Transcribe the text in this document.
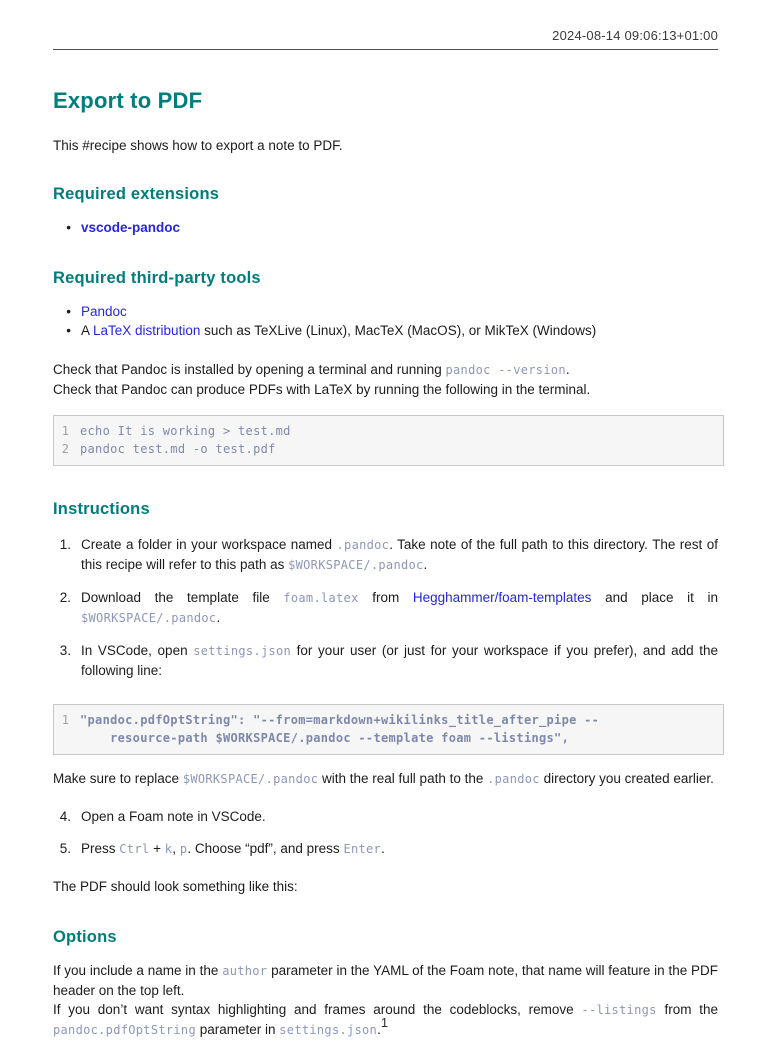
2024-08-14 09:06:13+01:00
Export to PDF

This #recipe shows how to export a note to PDF.

Required extensions
• vscode-pandoc
Required third-party tools
• Pandoc
• A LaTeX distribution such as TeXLive (Linux), MacTeX (MacOS), or MikTeX (Windows)

Check that Pandoc is installed by opening a terminal and running pandoc --version.

Check that Pandoc can produce PDFs with LaTeX by running the following in the terminal.

1 echo It is working > test.md
2 pandoc test.md -o test.pdf
Instructions
1. Create a folder in your workspace named .pandoc. Take note of the full path to this directory. The rest of this recipe will refer to this path as $WORKSPACE/.pandoc.
2. Download the template file foam.latex from Hegghammer/foam-templates and place it in $WORKSPACE/.pandoc.
3. In VSCode, open settings.json for your user (or just for your workspace if you prefer), and add the following line:
1 "pandoc.pdfOptString": "--from=markdown+wikilinks_title_after_pipe --
resource-path $WORKSPACE/.pandoc --template foam --listings",

Make sure to replace $WORKSPACE/.pandoc with the real full path to the .pandoc directory you created earlier.

4. Open a Foam note in VSCode.
5. Press Ctrl + k, p. Choose “pdf”, and press Enter.

The PDF should look something like this:

Options

If you include a name in the author parameter in the YAML of the Foam note, that name will feature in the PDF header on the top left.

If you don’t want syntax highlighting and frames around the codeblocks, remove --listings from the pandoc.pdfOptString parameter in settings.json. 1
